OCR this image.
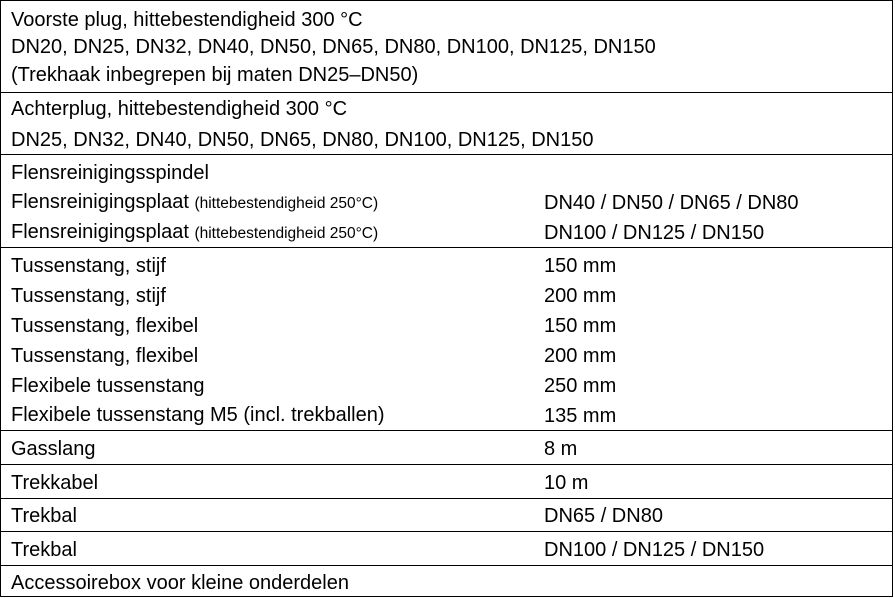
Voorste plug, hittebestendigheid 300 °C
DN20, DN25, DN32, DN40, DN50, DN65, DN80, DN100, DN125, DN150
(Trekhaak inbegrepen bij maten DN25–DN50)
Achterplug, hittebestendigheid 300 °C
DN25, DN32, DN40, DN50, DN65, DN80, DN100, DN125, DN150
Flensreinigingsspindel
Flensreinigingsplaat (hittebestendigheid 250°C)	DN40 / DN50 / DN65 / DN80
Flensreinigingsplaat (hittebestendigheid 250°C)	DN100 / DN125 / DN150
Tussenstang, stijf	150 mm
Tussenstang, stijf	200 mm
Tussenstang, flexibel	150 mm
Tussenstang, flexibel	200 mm
Flexibele tussenstang	250 mm
Flexibele tussenstang M5 (incl. trekballen)	135 mm
Gasslang	8 m
Trekkabel	10 m
Trekbal	DN65 / DN80
Trekbal	DN100 / DN125 / DN150
Accessoirebox voor kleine onderdelen
